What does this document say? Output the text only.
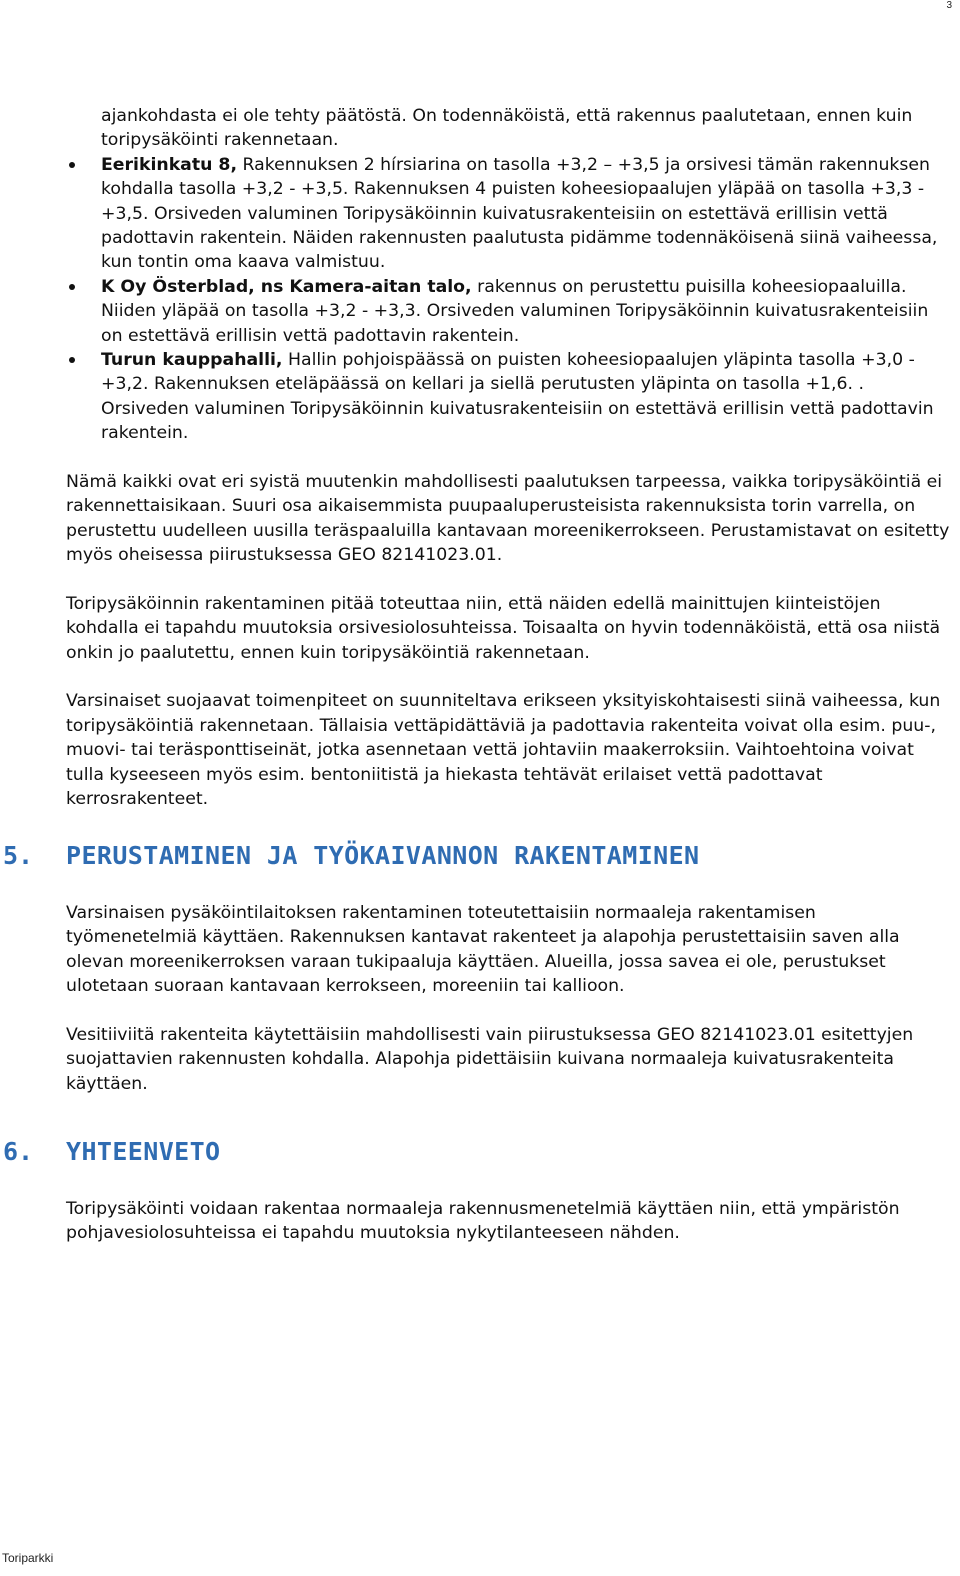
3
ajankohdasta ei ole tehty päätöstä. On todennäköistä, että rakennus paalutetaan, ennen kuin toripysäköinti rakennetaan.
Eerikinkatu 8, Rakennuksen 2 hírsiarina on tasolla +3,2 – +3,5 ja orsivesi tämän rakennuksen kohdalla tasolla +3,2 - +3,5. Rakennuksen 4 puisten koheesiopaalujen yläpää on tasolla +3,3 - +3,5. Orsiveden valuminen Toripysäköinnin kuivatusrakenteisiin on estettävä erillisin vettä padottavin rakentein. Näiden rakennusten paalutusta pidämme todennäköisenä siinä vaiheessa, kun tontin oma kaava valmistuu.
K Oy Österblad, ns Kamera-aitan talo, rakennus on perustettu puisilla koheesiopaaluilla. Niiden yläpää on tasolla +3,2 - +3,3. Orsiveden valuminen Toripysäköinnin kuivatusrakenteisiin on estettävä erillisin vettä padottavin rakentein.
Turun kauppahalli, Hallin pohjoispäässä on puisten koheesiopaalujen yläpinta tasolla +3,0 - +3,2. Rakennuksen eteläpäässä on kellari ja siellä perutusten yläpinta on tasolla +1,6. . Orsiveden valuminen Toripysäköinnin kuivatusrakenteisiin on estettävä erillisin vettä padottavin rakentein.

Nämä kaikki ovat eri syistä muutenkin mahdollisesti paalutuksen tarpeessa, vaikka toripysäköintiä ei rakennettaisikaan. Suuri osa aikaisemmista puupaaluperusteisista rakennuksista torin varrella, on perustettu uudelleen uusilla teräspaaluilla kantavaan moreenikerrokseen. Perustamistavat on esitetty myös oheisessa piirustuksessa GEO 82141023.01.

Toripysäköinnin rakentaminen pitää toteuttaa niin, että näiden edellä mainittujen kiinteistöjen kohdalla ei tapahdu muutoksia orsivesiolosuhteissa. Toisaalta on hyvin todennäköistä, että osa niistä onkin jo paalutettu, ennen kuin toripysäköintiä rakennetaan.

Varsinaiset suojaavat toimenpiteet on suunniteltava erikseen yksityiskohtaisesti siinä vaiheessa, kun toripysäköintiä rakennetaan. Tällaisia vettäpidättäviä ja padottavia rakenteita voivat olla esim. puu-, muovi- tai teräsponttiseinät, jotka asennetaan vettä johtaviin maakerroksiin. Vaihtoehtoina voivat tulla kyseeseen myös esim. bentoniitistä ja hiekasta tehtävät erilaiset vettä padottavat kerrosrakenteet.

5. PERUSTAMINEN JA TYÖKAIVANNON RAKENTAMINEN

Varsinaisen pysäköintilaitoksen rakentaminen toteutettaisiin normaaleja rakentamisen työmenetelmiä käyttäen. Rakennuksen kantavat rakenteet ja alapohja perustettaisiin saven alla olevan moreenikerroksen varaan tukipaaluja käyttäen. Alueilla, jossa savea ei ole, perustukset ulotetaan suoraan kantavaan kerrokseen, moreeniin tai kallioon.

Vesitiiviitä rakenteita käytettäisiin mahdollisesti vain piirustuksessa GEO 82141023.01 esitettyjen suojattavien rakennusten kohdalla. Alapohja pidettäisiin kuivana normaaleja kuivatusrakenteita käyttäen.

6. YHTEENVETO

Toripysäköinti voidaan rakentaa normaaleja rakennusmenetelmiä käyttäen niin, että ympäristön pohjavesiolosuhteissa ei tapahdu muutoksia nykytilanteeseen nähden.

Toriparkki
